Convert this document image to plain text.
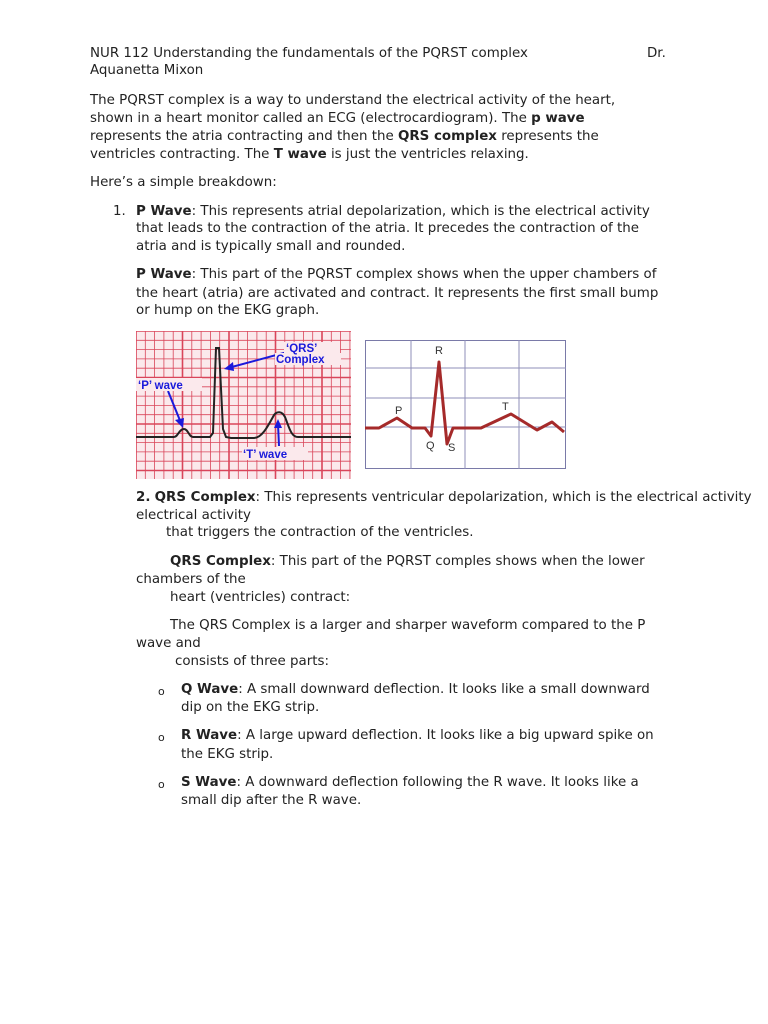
NUR 112 Understanding the fundamentals of the PQRST complex	Dr.
Aquanetta Mixon
The PQRST complex is a way to understand the electrical activity of the heart,
shown in a heart monitor called an ECG (electrocardiogram). The p wave
represents the atria contracting and then the QRS complex represents the
ventricles contracting. The T wave is just the ventricles relaxing.
Here’s a simple breakdown:
1. P Wave: This represents atrial depolarization, which is the electrical activity
that leads to the contraction of the atria. It precedes the contraction of the
atria and is typically small and rounded.
P Wave: This part of the PQRST complex shows when the upper chambers of
the heart (atria) are activated and contract. It represents the first small bump
or hump on the EKG graph.
‘QRS’
Complex
‘P’ wave
‘T’ wave
R
P	T
Q S
2. QRS Complex: This represents ventricular depolarization, which is the electrical activity
electrical activity
that triggers the contraction of the ventricles.
QRS Complex: This part of the PQRST comples shows when the lower
chambers of the
heart (ventricles) contract:
The QRS Complex is a larger and sharper waveform compared to the P
wave and
consists of three parts:
o Q Wave: A small downward deflection. It looks like a small downward
dip on the EKG strip.
o R Wave: A large upward deflection. It looks like a big upward spike on
the EKG strip.
o S Wave: A downward deflection following the R wave. It looks like a
small dip after the R wave.
